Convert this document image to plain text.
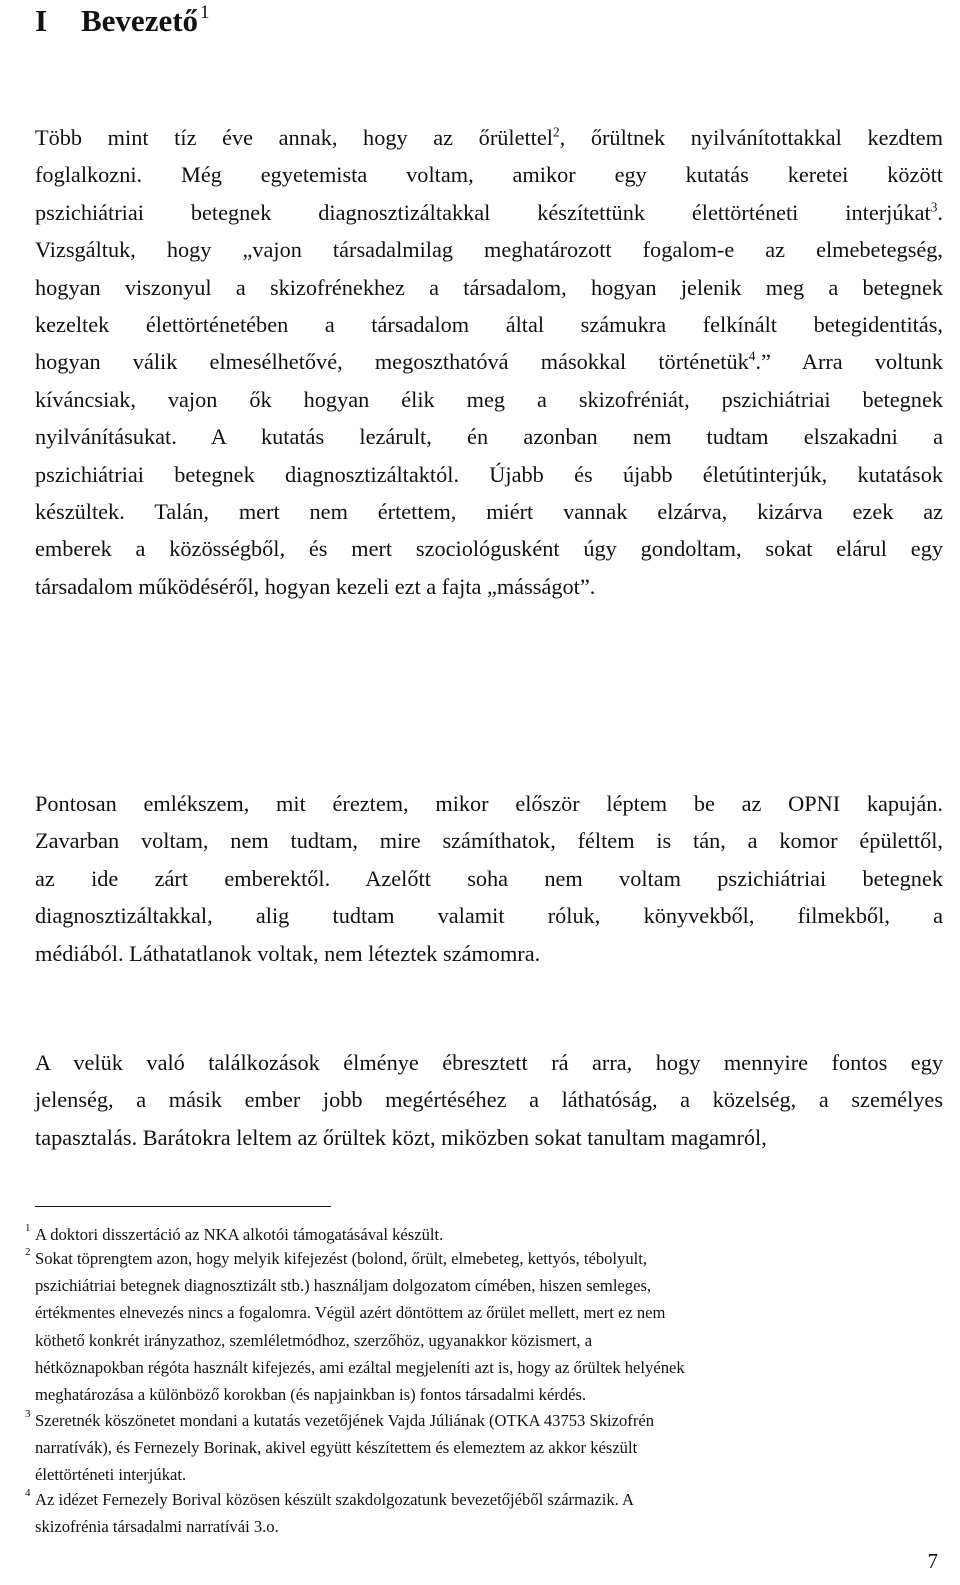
I Bevezető $^1$
Több mint tíz éve annak, hogy az őrülettel$^2$, őrültnek nyilvánítottakkal kezdtem
foglalkozni. Még egyetemista voltam, amikor egy kutatás keretei között
pszichiátriai betegnek diagnosztizáltakkal készítettünk élettörténeti interjúkat$^3$.
Vizsgáltuk, hogy „vajon társadalmilag meghatározott fogalom-e az elmebetegség,
hogyan viszonyul a skizofrénekhez a társadalom, hogyan jelenik meg a betegnek
kezeltek élettörténetében a társadalom által számukra felkínált betegidentitás,
hogyan válik elmesélhetővé, megoszthatóvá másokkal történetük$^4$.” Arra voltunk
kíváncsiak, vajon ők hogyan élik meg a skizofréniát, pszichiátriai betegnek
nyilvánításukat. A kutatás lezárult, én azonban nem tudtam elszakadni a
pszichiátriai betegnek diagnosztizáltaktól. Újabb és újabb életútinterjúk, kutatások
készültek. Talán, mert nem értettem, miért vannak elzárva, kizárva ezek az
emberek a közösségből, és mert szociológusként úgy gondoltam, sokat elárul egy
társadalom működéséről, hogyan kezeli ezt a fajta „másságot”.
Pontosan emlékszem, mit éreztem, mikor először léptem be az OPNI kapuján.
Zavarban voltam, nem tudtam, mire számíthatok, féltem is tán, a komor épülettől,
az ide zárt emberektől. Azelőtt soha nem voltam pszichiátriai betegnek
diagnosztizáltakkal, alig tudtam valamit róluk, könyvekből, filmekből, a
médiából. Láthatatlanok voltak, nem léteztek számomra.
A velük való találkozások élménye ébresztett rá arra, hogy mennyire fontos egy
jelenség, a másik ember jobb megértéséhez a láthatóság, a közelség, a személyes
tapasztalás. Barátokra leltem az őrültek közt, miközben sokat tanultam magamról,
1 A doktori disszertáció az NKA alkotói támogatásával készült.
2 Sokat töprengtem azon, hogy melyik kifejezést (bolond, őrült, elmebeteg, kettyós, tébolyult,
pszichiátriai betegnek diagnosztizált stb.) használjam dolgozatom címében, hiszen semleges,
értékmentes elnevezés nincs a fogalomra. Végül azért döntöttem az őrület mellett, mert ez nem
köthető konkrét irányzathoz, szemléletmódhoz, szerzőhöz, ugyanakkor közismert, a
hétköznapokban régóta használt kifejezés, ami ezáltal megjeleníti azt is, hogy az őrültek helyének
meghatározása a különböző korokban (és napjainkban is) fontos társadalmi kérdés.
3 Szeretnék köszönetet mondani a kutatás vezetőjének Vajda Júliának (OTKA 43753 Skizofrén
narratívák), és Fernezely Borinak, akivel együtt készítettem és elemeztem az akkor készült
élettörténeti interjúkat.
4 Az idézet Fernezely Borival közösen készült szakdolgozatunk bevezetőjéből származik. A
skizofrénia társadalmi narratívái 3.o.
7
